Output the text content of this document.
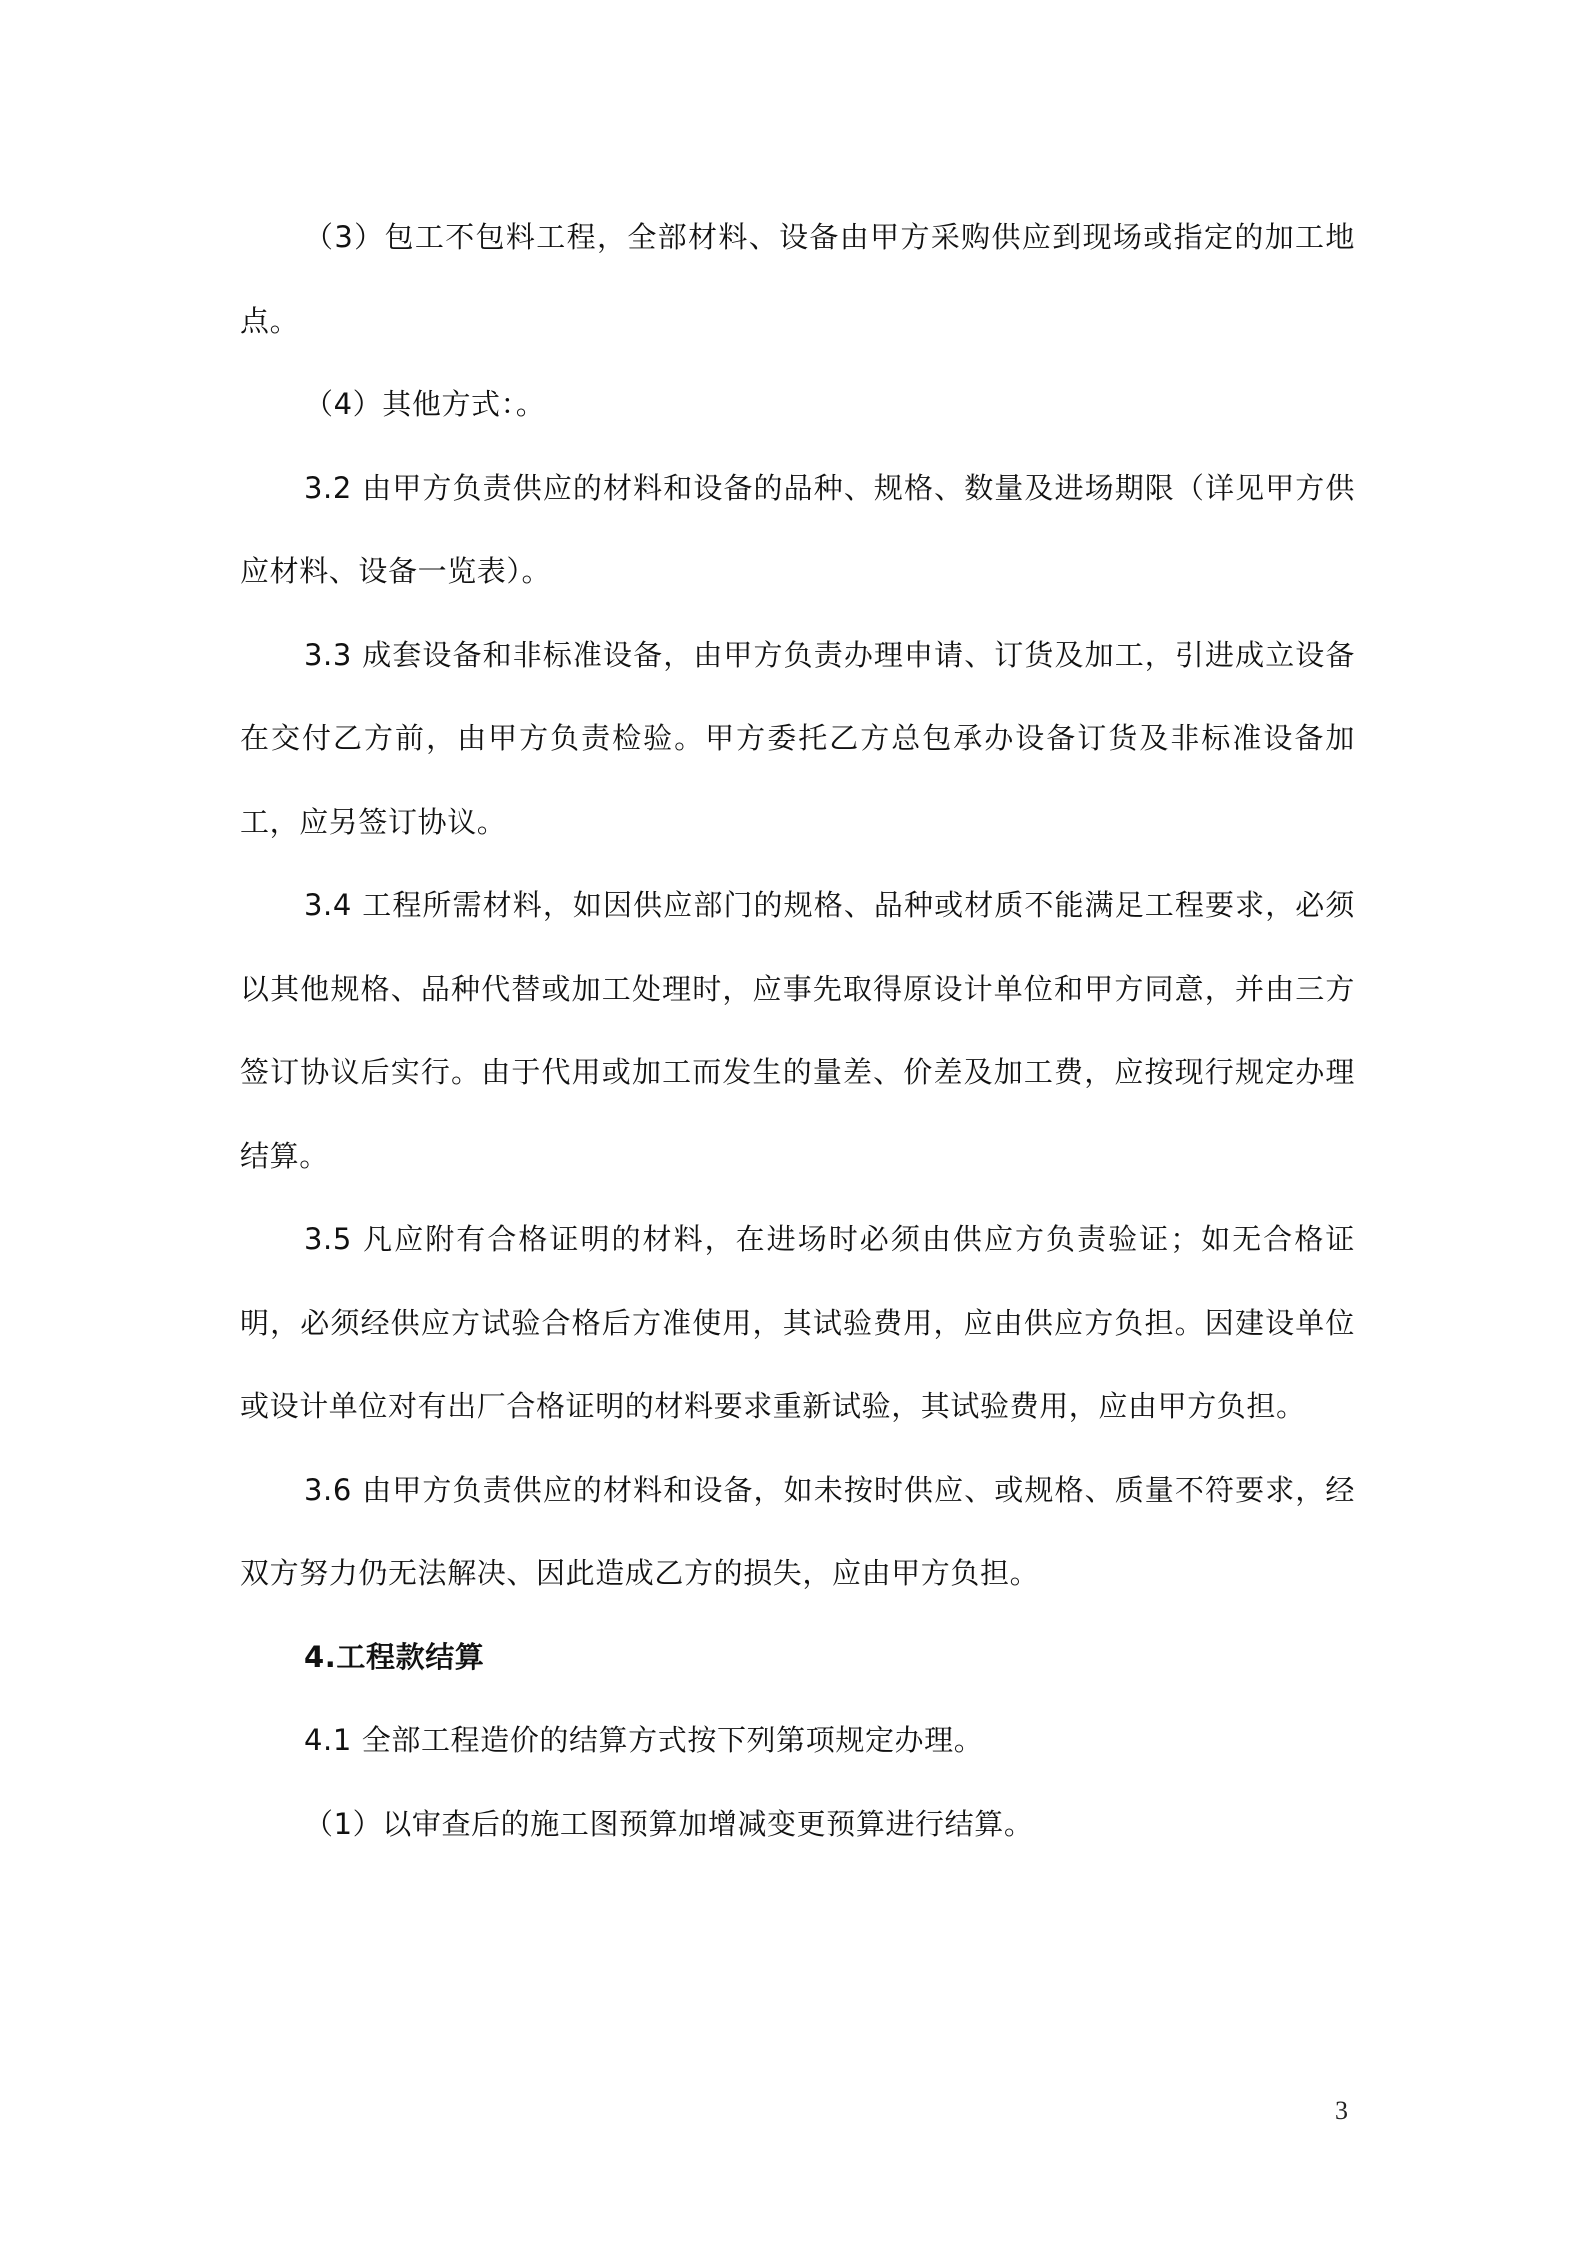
（3）包工不包料工程，全部材料、设备由甲方采购供应到现场或指定的加工地点。

（4）其他方式：。

3.2 由甲方负责供应的材料和设备的品种、规格、数量及进场期限（详见甲方供应材料、设备一览表）。

3.3 成套设备和非标准设备，由甲方负责办理申请、订货及加工，引进成立设备在交付乙方前，由甲方负责检验。甲方委托乙方总包承办设备订货及非标准设备加工，应另签订协议。

3.4 工程所需材料，如因供应部门的规格、品种或材质不能满足工程要求，必须以其他规格、品种代替或加工处理时，应事先取得原设计单位和甲方同意，并由三方签订协议后实行。由于代用或加工而发生的量差、价差及加工费，应按现行规定办理结算。

3.5 凡应附有合格证明的材料，在进场时必须由供应方负责验证；如无合格证明，必须经供应方试验合格后方准使用，其试验费用，应由供应方负担。因建设单位或设计单位对有出厂合格证明的材料要求重新试验，其试验费用，应由甲方负担。

3.6 由甲方负责供应的材料和设备，如未按时供应、或规格、质量不符要求，经双方努力仍无法解决、因此造成乙方的损失，应由甲方负担。

4.工程款结算

4.1 全部工程造价的结算方式按下列第项规定办理。

（1）以审查后的施工图预算加增减变更预算进行结算。

3
